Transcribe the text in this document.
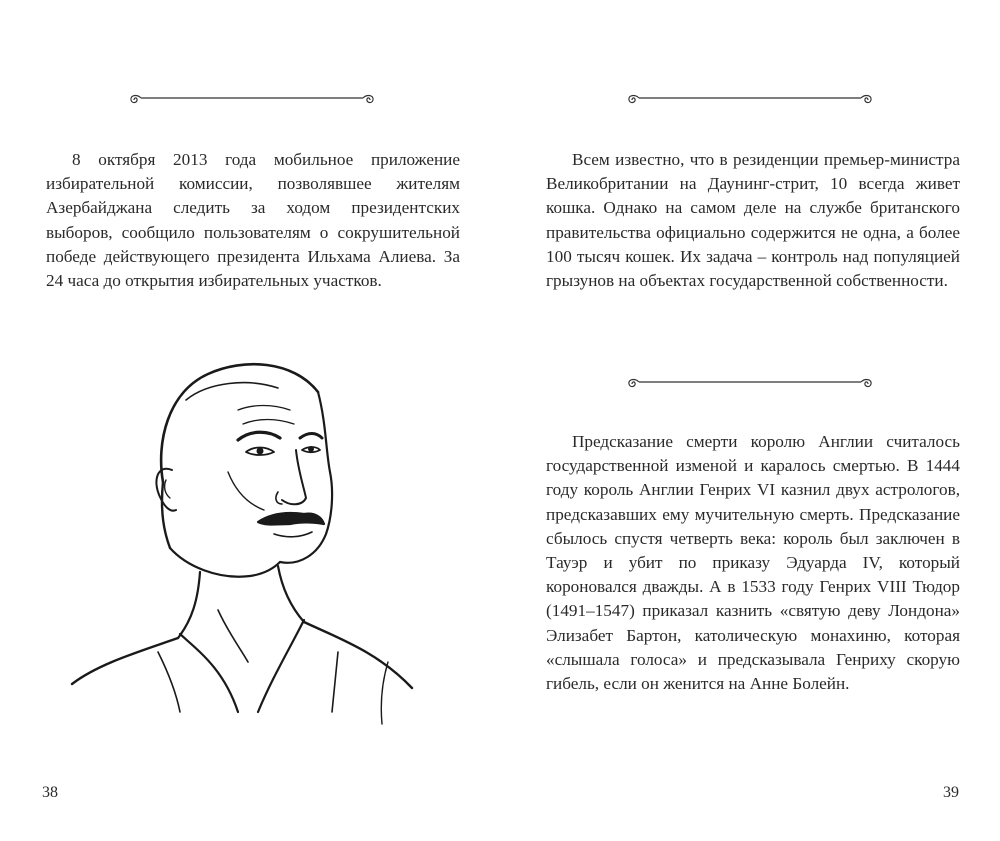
8 октября 2013 года мобильное приложение избирательной комиссии, позволявшее жителям Азербайджана следить за ходом президентских выборов, сообщило пользователям о сокрушительной победе действующего президента Ильхама Алиева. За 24 часа до открытия избирательных участков.

38

Всем известно, что в резиденции премьер-министра Великобритании на Даунинг-стрит, 10 всегда живет кошка. Однако на самом деле на службе британского правительства официально содержится не одна, а более 100 тысяч кошек. Их задача – контроль над популяцией грызунов на объектах государственной собственности.

Предсказание смерти королю Англии считалось государственной изменой и каралось смертью. В 1444 году король Англии Генрих VI казнил двух астрологов, предсказавших ему мучительную смерть. Предсказание сбылось спустя четверть века: король был заключен в Тауэр и убит по приказу Эдуарда IV, который короновался дважды. А в 1533 году Генрих VIII Тюдор (1491–1547) приказал казнить «святую деву Лондона» Элизабет Бартон, католическую монахиню, которая «слышала голоса» и предсказывала Генриху скорую гибель, если он женится на Анне Болейн.

39
